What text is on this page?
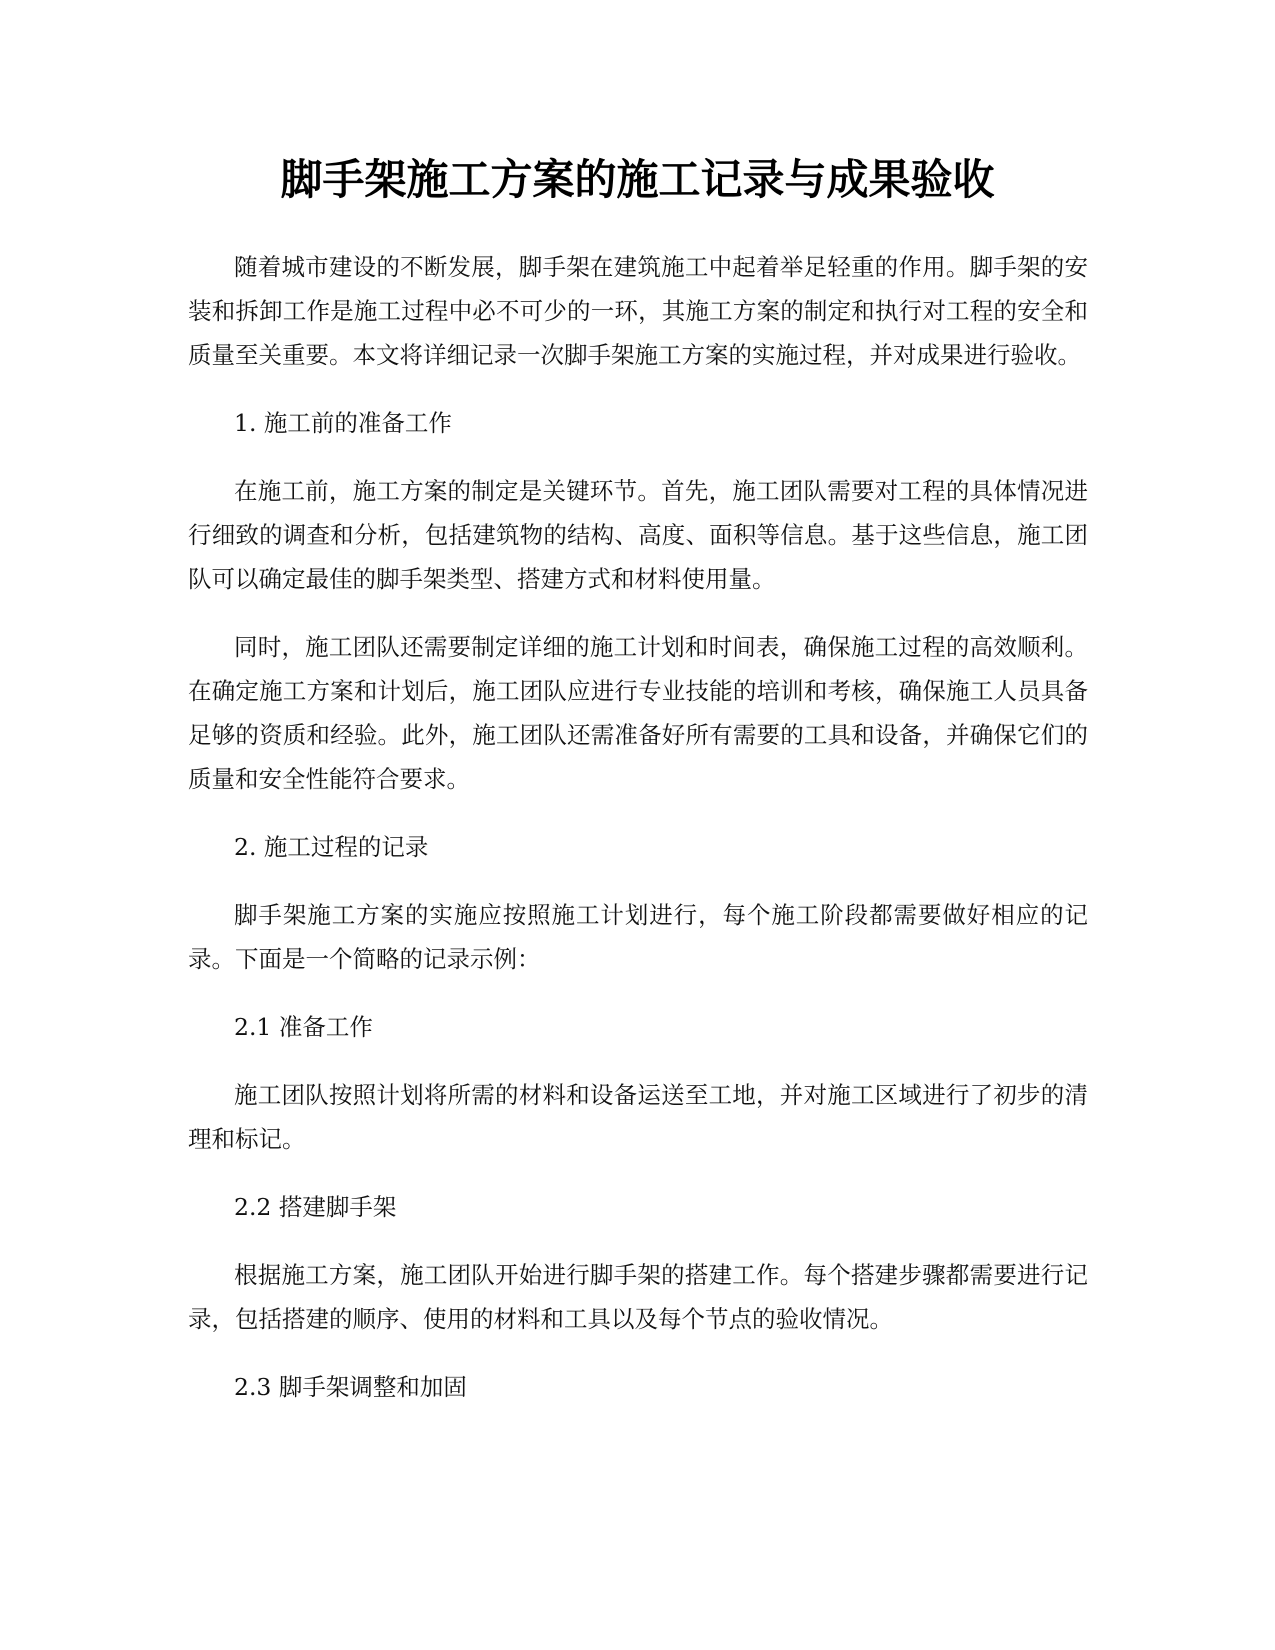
脚手架施工方案的施工记录与成果验收

随着城市建设的不断发展，脚手架在建筑施工中起着举足轻重的作用。脚手架的安装和拆卸工作是施工过程中必不可少的一环，其施工方案的制定和执行对工程的安全和质量至关重要。本文将详细记录一次脚手架施工方案的实施过程，并对成果进行验收。

1. 施工前的准备工作

在施工前，施工方案的制定是关键环节。首先，施工团队需要对工程的具体情况进行细致的调查和分析，包括建筑物的结构、高度、面积等信息。基于这些信息，施工团队可以确定最佳的脚手架类型、搭建方式和材料使用量。

同时，施工团队还需要制定详细的施工计划和时间表，确保施工过程的高效顺利。在确定施工方案和计划后，施工团队应进行专业技能的培训和考核，确保施工人员具备足够的资质和经验。此外，施工团队还需准备好所有需要的工具和设备，并确保它们的质量和安全性能符合要求。

2. 施工过程的记录

脚手架施工方案的实施应按照施工计划进行，每个施工阶段都需要做好相应的记录。下面是一个简略的记录示例：

2.1 准备工作

施工团队按照计划将所需的材料和设备运送至工地，并对施工区域进行了初步的清理和标记。

2.2 搭建脚手架

根据施工方案，施工团队开始进行脚手架的搭建工作。每个搭建步骤都需要进行记录，包括搭建的顺序、使用的材料和工具以及每个节点的验收情况。

2.3 脚手架调整和加固
